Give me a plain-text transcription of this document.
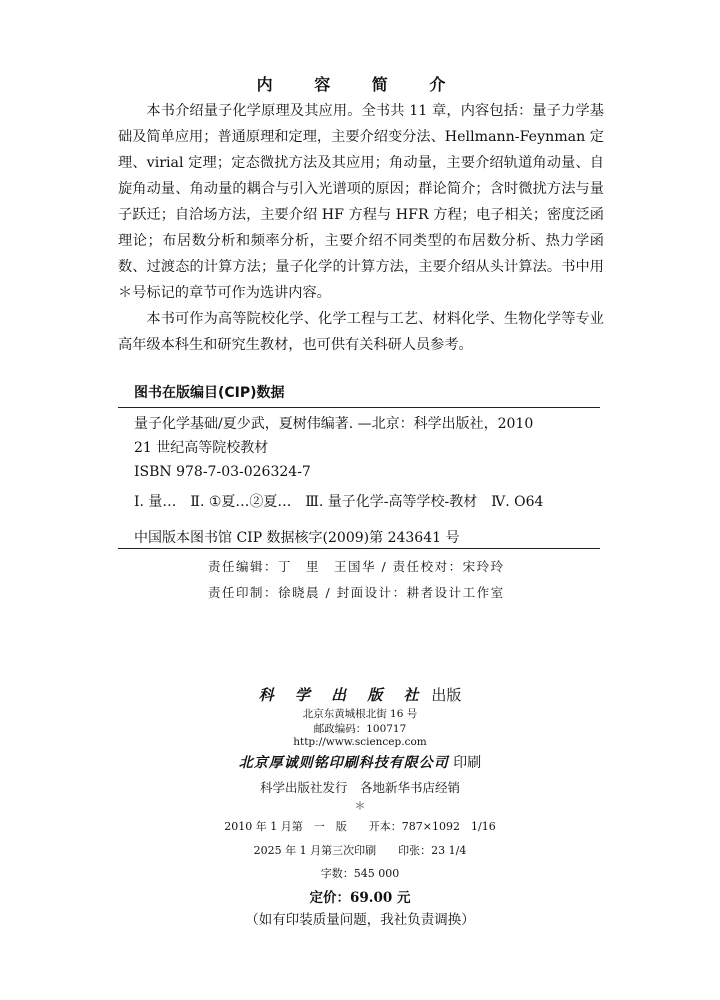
内 容 简 介

本书介绍量子化学原理及其应用。全书共 11 章，内容包括：量子力学基础及简单应用；普通原理和定理，主要介绍变分法、Hellmann-Feynman 定理、virial 定理；定态微扰方法及其应用；角动量，主要介绍轨道角动量、自旋角动量、角动量的耦合与引入光谱项的原因；群论简介；含时微扰方法与量子跃迁；自洽场方法，主要介绍 HF 方程与 HFR 方程；电子相关；密度泛函理论；布居数分析和频率分析，主要介绍不同类型的布居数分析、热力学函数、过渡态的计算方法；量子化学的计算方法，主要介绍从头计算法。书中用＊号标记的章节可作为选讲内容。

本书可作为高等院校化学、化学工程与工艺、材料化学、生物化学等专业高年级本科生和研究生教材，也可供有关科研人员参考。

图书在版编目(CIP)数据
量子化学基础/夏少武，夏树伟编著. —北京：科学出版社，2010
21 世纪高等院校教材
ISBN 978-7-03-026324-7
Ⅰ. 量…　Ⅱ. ①夏…②夏…　Ⅲ. 量子化学-高等学校-教材　Ⅳ. O64
中国版本图书馆 CIP 数据核字(2009)第 243641 号
责任编辑：丁　里　王国华 / 责任校对：宋玲玲
责任印制：徐晓晨 / 封面设计：耕者设计工作室
科 学 出 版 社 出版
北京东黄城根北街 16 号
邮政编码：100717
http://www.sciencep.com
北京厚诚则铭印刷科技有限公司 印刷
科学出版社发行　各地新华书店经销
＊
2010 年 1 月第　一　版　　开本：787×1092　1/16
2025 年 1 月第三次印刷　　印张：23 1/4
字数：545 000
定价：69.00 元
（如有印装质量问题，我社负责调换）
